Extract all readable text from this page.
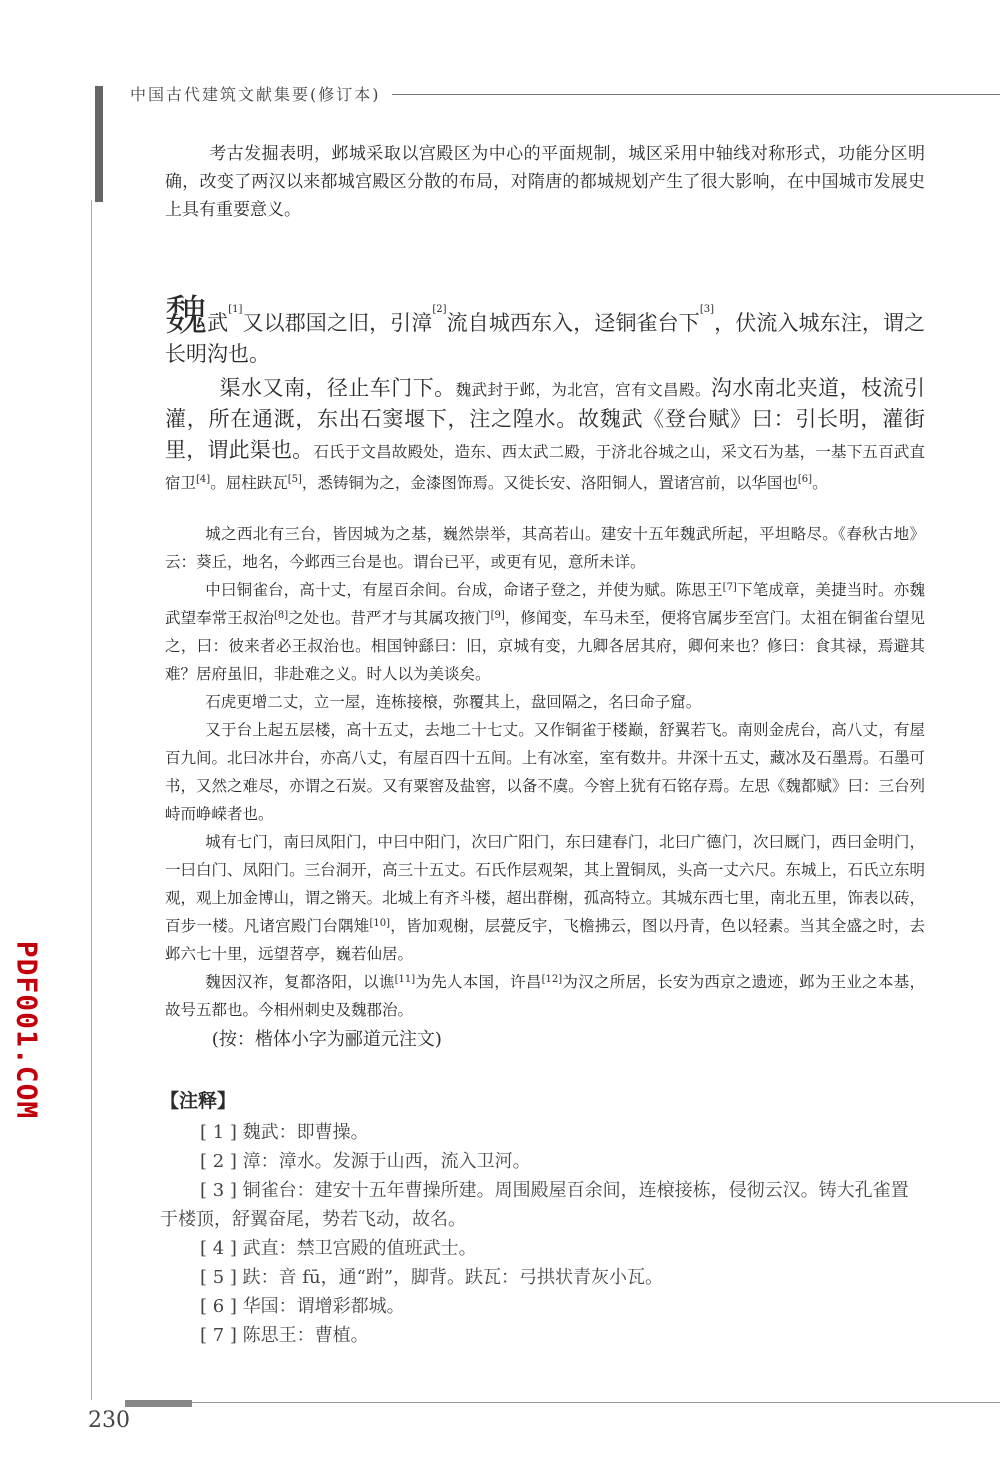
中国古代建筑文献集要(修订本)
考古发掘表明，邺城采取以宫殿区为中心的平面规制，城区采用中轴线对称形式，功能分区明确，改变了两汉以来都城宫殿区分散的布局，对隋唐的都城规划产生了很大影响，在中国城市发展史上具有重要意义。
魏武[1]又以郡国之旧，引漳[2]流自城西东入，迳铜雀台下[3]，伏流入城东注，谓之长明沟也。
渠水又南，径止车门下。魏武封于邺，为北宫，宫有文昌殿。沟水南北夹道，枝流引灌，所在通溉，东出石窦堰下，注之隍水。故魏武《登台赋》曰：引长明，灌街里，谓此渠也。石氏于文昌故殿处，造东、西太武二殿，于济北谷城之山，采文石为基，一基下五百武直宿卫[4]。屈柱趺瓦[5]，悉铸铜为之，金漆图饰焉。又徙长安、洛阳铜人，置诸宫前，以华国也[6]。
城之西北有三台，皆因城为之基，巍然崇举，其高若山。建安十五年魏武所起，平坦略尽。《春秋古地》云：葵丘，地名，今邺西三台是也。谓台已平，或更有见，意所未详。
中曰铜雀台，高十丈，有屋百余间。台成，命诸子登之，并使为赋。陈思王[7]下笔成章，美捷当时。亦魏武望奉常王叔治[8]之处也。昔严才与其属攻掖门[9]，修闻变，车马未至，便将官属步至宫门。太祖在铜雀台望见之，曰：彼来者必王叔治也。相国钟繇曰：旧，京城有变，九卿各居其府，卿何来也？修曰：食其禄，焉避其难？居府虽旧，非赴难之义。时人以为美谈矣。
石虎更增二丈，立一屋，连栋接榱，弥覆其上，盘回隔之，名曰命子窟。
又于台上起五层楼，高十五丈，去地二十七丈。又作铜雀于楼巅，舒翼若飞。南则金虎台，高八丈，有屋百九间。北曰冰井台，亦高八丈，有屋百四十五间。上有冰室，室有数井。井深十五丈，藏冰及石墨焉。石墨可书，又然之难尽，亦谓之石炭。又有粟窖及盐窖，以备不虞。今窖上犹有石铭存焉。左思《魏都赋》曰：三台列峙而峥嵘者也。
城有七门，南曰凤阳门，中曰中阳门，次曰广阳门，东曰建春门，北曰广德门，次曰厩门，西曰金明门，一曰白门、凤阳门。三台洞开，高三十五丈。石氏作层观架，其上置铜凤，头高一丈六尺。东城上，石氏立东明观，观上加金博山，谓之锵天。北城上有齐斗楼，超出群榭，孤高特立。其城东西七里，南北五里，饰表以砖，百步一楼。凡诸宫殿门台隅雉[10]，皆加观榭，层甍反宇，飞檐拂云，图以丹青，色以轻素。当其全盛之时，去邺六七十里，远望苕亭，巍若仙居。
魏因汉祚，复都洛阳，以谯[11]为先人本国，许昌[12]为汉之所居，长安为西京之遗迹，邺为王业之本基，故号五都也。今相州刺史及魏郡治。
(按：楷体小字为郦道元注文)
【注释】
[ 1 ] 魏武：即曹操。
[ 2 ] 漳：漳水。发源于山西，流入卫河。
[ 3 ] 铜雀台：建安十五年曹操所建。周围殿屋百余间，连榱接栋，侵彻云汉。铸大孔雀置于楼顶，舒翼奋尾，势若飞动，故名。
[ 4 ] 武直：禁卫宫殿的值班武士。
[ 5 ] 趺：音 fū，通“跗”，脚背。趺瓦：弓拱状青灰小瓦。
[ 6 ] 华国：谓增彩都城。
[ 7 ] 陈思王：曹植。
PDF001.COM
230
